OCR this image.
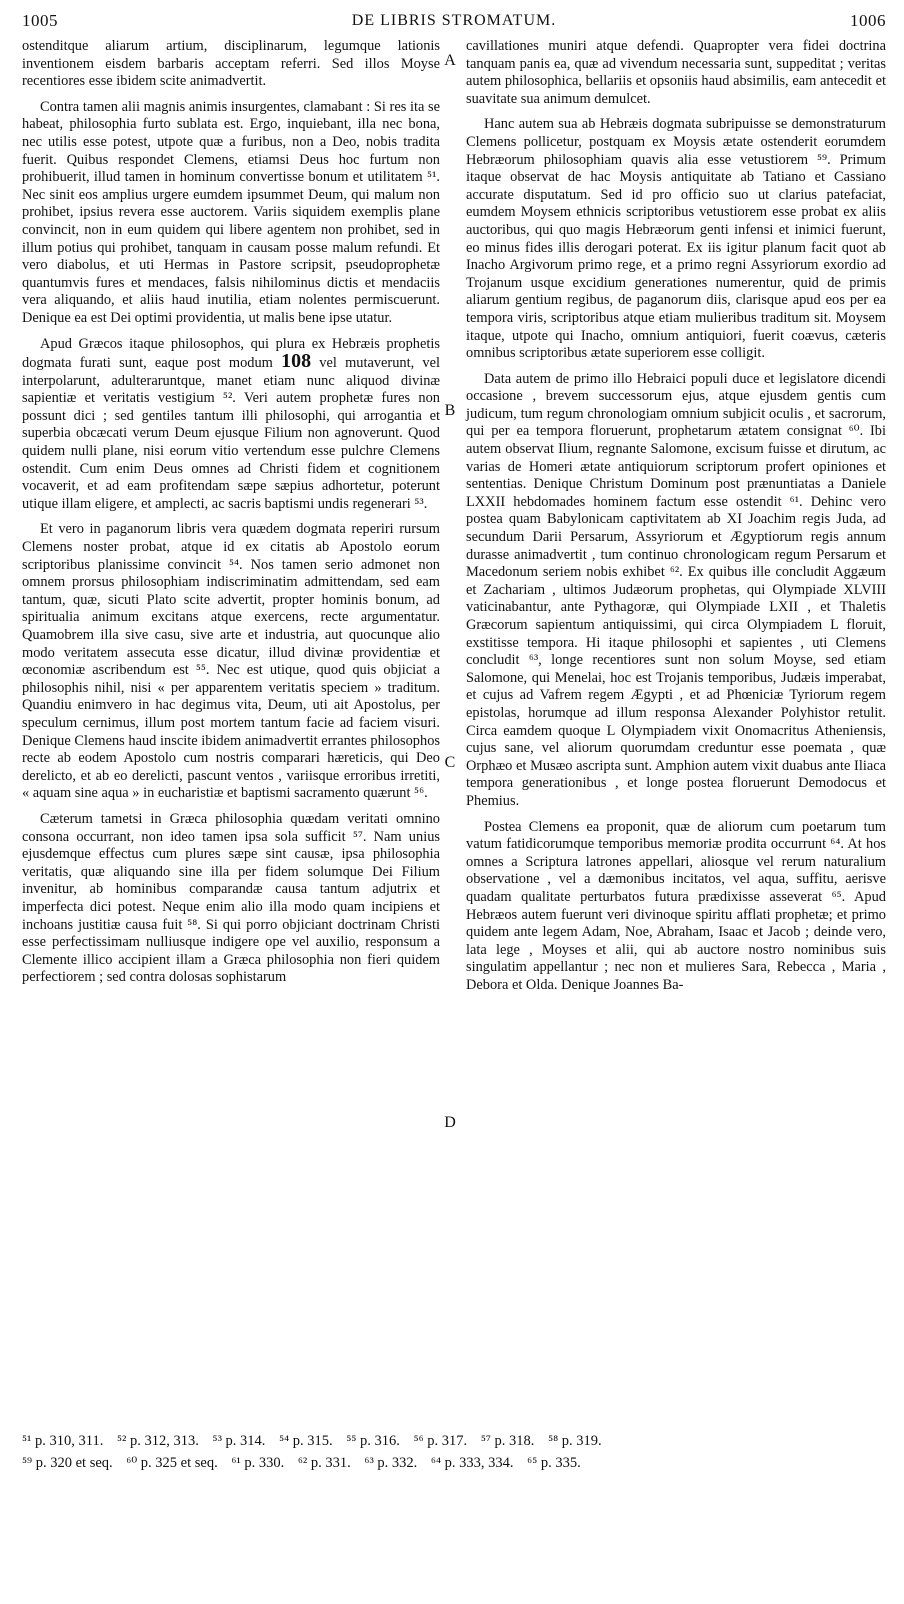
1005	DE LIBRIS STROMATUM.	1006

ostenditque aliarum artium, disciplinarum, legumque lationis inventionem eisdem barbaris acceptam referri. Sed illos Moyse recentiores esse ibidem scite animadvertit.

Contra tamen alii magnis animis insurgentes, clamabant : Si res ita se habeat, philosophia furto sublata est. Ergo, inquiebant, illa nec bona, nec utilis esse potest, utpote quæ a furibus, non a Deo, nobis tradita fuerit. Quibus respondet Clemens, etiamsi Deus hoc furtum non prohibuerit, illud tamen in hominum convertisse bonum et utilitatem ⁵¹. Nec sinit eos amplius urgere eumdem ipsummet Deum, qui malum non prohibet, ipsius revera esse auctorem. Variis siquidem exemplis plane convincit, non in eum quidem qui libere agentem non prohibet, sed in illum potius qui prohibet, tanquam in causam posse malum refundi. Et vero diabolus, et uti Hermas in Pastore scripsit, pseudoprophetæ quantumvis fures et mendaces, falsis nihilominus dictis et mendaciis vera aliquando, et aliis haud inutilia, etiam nolentes permiscuerunt. Denique ea est Dei optimi providentia, ut malis bene ipse utatur.

Apud Græcos itaque philosophos, qui plura ex Hebræis prophetis dogmata furati sunt, eaque post modum 108 vel mutaverunt, vel interpolarunt, adulteraruntque, manet etiam nunc aliquod divinæ sapientiæ et veritatis vestigium ⁵². Veri autem prophetæ fures non possunt dici ; sed gentiles tantum illi philosophi, qui arrogantia et superbia obcæcati verum Deum ejusque Filium non agnoverunt. Quod quidem nulli plane, nisi eorum vitio vertendum esse pulchre Clemens ostendit. Cum enim Deus omnes ad Christi fidem et cognitionem vocaverit, et ad eam profitendam sæpe sæpius adhortetur, poterunt utique illam eligere, et amplecti, ac sacris baptismi undis regenerari ⁵³.

Et vero in paganorum libris vera quædem dogmata reperiri rursum Clemens noster probat, atque id ex citatis ab Apostolo eorum scriptoribus planissime convincit ⁵⁴. Nos tamen serio admonet non omnem prorsus philosophiam indiscriminatim admittendam, sed eam tantum, quæ, sicuti Plato scite advertit, propter hominis bonum, ad spiritualia animum excitans atque exercens, recte argumentatur. Quamobrem illa sive casu, sive arte et industria, aut quocunque alio modo veritatem assecuta esse dicatur, illud divinæ providentiæ et œconomiæ ascribendum est ⁵⁵. Nec est utique, quod quis objiciat a philosophis nihil, nisi « per apparentem veritatis speciem » traditum. Quandiu enimvero in hac degimus vita, Deum, uti ait Apostolus, per speculum cernimus, illum post mortem tantum facie ad faciem visuri. Denique Clemens haud inscite ibidem animadvertit errantes philosophos recte ab eodem Apostolo cum nostris comparari hæreticis, qui Deo derelicto, et ab eo derelicti, pascunt ventos , variisque erroribus irretiti, « aquam sine aqua » in eucharistiæ et baptismi sacramento quærunt ⁵⁶.

Cæterum tametsi in Græca philosophia quædam veritati omnino consona occurrant, non ideo tamen ipsa sola sufficit ⁵⁷. Nam unius ejusdemque effectus cum plures sæpe sint causæ, ipsa philosophia veritatis, quæ aliquando sine illa per fidem solumque Dei Filium invenitur, ab hominibus comparandæ causa tantum adjutrix et imperfecta dici potest. Neque enim alio illa modo quam incipiens et inchoans justitiæ causa fuit ⁵⁸. Si qui porro objiciant doctrinam Christi esse perfectissimam nulliusque indigere ope vel auxilio, responsum a Clemente illico accipient illam a Græca philosophia non fieri quidem perfectiorem ; sed contra dolosas sophistarum

A
B
C
D

cavillationes muniri atque defendi. Quapropter vera fidei doctrina tanquam panis ea, quæ ad vivendum necessaria sunt, suppeditat ; veritas autem philosophica, bellariis et opsoniis haud absimilis, eam antecedit et suavitate sua animum demulcet.

Hanc autem sua ab Hebræis dogmata subripuisse se demonstraturum Clemens pollicetur, postquam ex Moysis ætate ostenderit eorumdem Hebræorum philosophiam quavis alia esse vetustiorem ⁵⁹. Primum itaque observat de hac Moysis antiquitate ab Tatiano et Cassiano accurate disputatum. Sed id pro officio suo ut clarius patefaciat, eumdem Moysem ethnicis scriptoribus vetustiorem esse probat ex aliis auctoribus, qui quo magis Hebræorum genti infensi et inimici fuerunt, eo minus fides illis derogari poterat. Ex iis igitur planum facit quot ab Inacho Argivorum primo rege, et a primo regni Assyriorum exordio ad Trojanum usque excidium generationes numerentur, quid de primis aliarum gentium regibus, de paganorum diis, clarisque apud eos per ea tempora viris, scriptoribus atque etiam mulieribus traditum sit. Moysem itaque, utpote qui Inacho, omnium antiquiori, fuerit coævus, cæteris omnibus scriptoribus ætate superiorem esse colligit.

Data autem de primo illo Hebraici populi duce et legislatore dicendi occasione , brevem successorum ejus, atque ejusdem gentis cum judicum, tum regum chronologiam omnium subjicit oculis , et sacrorum, qui per ea tempora floruerunt, prophetarum ætatem consignat ⁶⁰. Ibi autem observat Ilium, regnante Salomone, excisum fuisse et dirutum, ac varias de Homeri ætate antiquiorum scriptorum profert opiniones et sententias. Denique Christum Dominum post prænuntiatas a Daniele LXXII hebdomades hominem factum esse ostendit ⁶¹. Dehinc vero postea quam Babylonicam captivitatem ab XI Joachim regis Juda, ad secundum Darii Persarum, Assyriorum et Ægyptiorum regis annum durasse animadvertit , tum continuo chronologicam regum Persarum et Macedonum seriem nobis exhibet ⁶². Ex quibus ille concludit Aggæum et Zachariam , ultimos Judæorum prophetas, qui Olympiade XLVIII vaticinabantur, ante Pythagoræ, qui Olympiade LXII , et Thaletis Græcorum sapientum antiquissimi, qui circa Olympiadem L floruit, exstitisse tempora. Hi itaque philosophi et sapientes , uti Clemens concludit ⁶³, longe recentiores sunt non solum Moyse, sed etiam Salomone, qui Menelai, hoc est Trojanis temporibus, Judæis imperabat, et cujus ad Vafrem regem Ægypti , et ad Phœniciæ Tyriorum regem epistolas, horumque ad illum responsa Alexander Polyhistor retulit. Circa eamdem quoque L Olympiadem vixit Onomacritus Atheniensis, cujus sane, vel aliorum quorumdam creduntur esse poemata , quæ Orphæo et Musæo ascripta sunt. Amphion autem vixit duabus ante Iliaca tempora generationibus , et longe postea floruerunt Demodocus et Phemius.

Postea Clemens ea proponit, quæ de aliorum cum poetarum tum vatum fatidicorumque temporibus memoriæ prodita occurrunt ⁶⁴. At hos omnes a Scriptura latrones appellari, aliosque vel rerum naturalium observatione , vel a dæmonibus incitatos, vel aqua, suffitu, aerisve quadam qualitate perturbatos futura prædixisse asseverat ⁶⁵. Apud Hebræos autem fuerunt veri divinoque spiritu afflati prophetæ; et primo quidem ante legem Adam, Noe, Abraham, Isaac et Jacob ; deinde vero, lata lege , Moyses et alii, qui ab auctore nostro nominibus suis singulatim appellantur ; nec non et mulieres Sara, Rebecca , Maria , Debora et Olda. Denique Joannes Ba-

⁵¹ p. 310, 311. ⁵² p. 312, 313. ⁵³ p. 314. ⁵⁴ p. 315. ⁵⁵ p. 316. ⁵⁶ p. 317. ⁵⁷ p. 318. ⁵⁸ p. 319.
⁵⁹ p. 320 et seq. ⁶⁰ p. 325 et seq. ⁶¹ p. 330. ⁶² p. 331. ⁶³ p. 332. ⁶⁴ p. 333, 334. ⁶⁵ p. 335.
